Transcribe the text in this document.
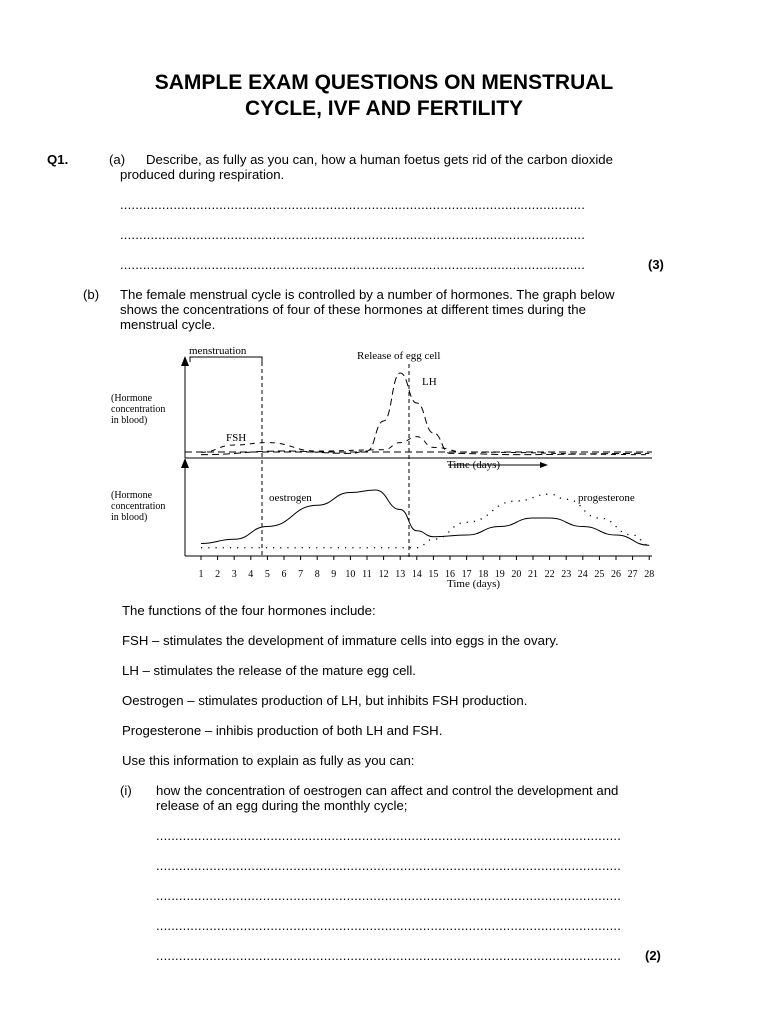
SAMPLE EXAM QUESTIONS ON MENSTRUAL
CYCLE, IVF AND FERTILITY
Q1.	(a) Describe, as fully as you can, how a human foetus gets rid of the carbon dioxide
produced during respiration.
..........................................................................................................................
..........................................................................................................................
..........................................................................................................................	(3)
(b) The female menstrual cycle is controlled by a number of hormones. The graph below
shows the concentrations of four of these hormones at different times during the
menstrual cycle.
1 2 3 4 5 6 7 8 9 10 11 12 13 14 15 16 17 18 19 20 21 22 23 24 25 26 27 28
menstruation	Release of egg cell
LH
FSH
(Hormone
concentration
in blood)
Time (days)
(Hormone
concentration
in blood)
oestrogen	progesterone
Time (days)
The functions of the four hormones include:
FSH – stimulates the development of immature cells into eggs in the ovary.
LH – stimulates the release of the mature egg cell.
Oestrogen – stimulates production of LH, but inhibits FSH production.
Progesterone – inhibis production of both LH and FSH.
Use this information to explain as fully as you can:
(i) how the concentration of oestrogen can affect and control the development and
release of an egg during the monthly cycle;
..........................................................................................................................
..........................................................................................................................
..........................................................................................................................
..........................................................................................................................
..........................................................................................................................	(2)
